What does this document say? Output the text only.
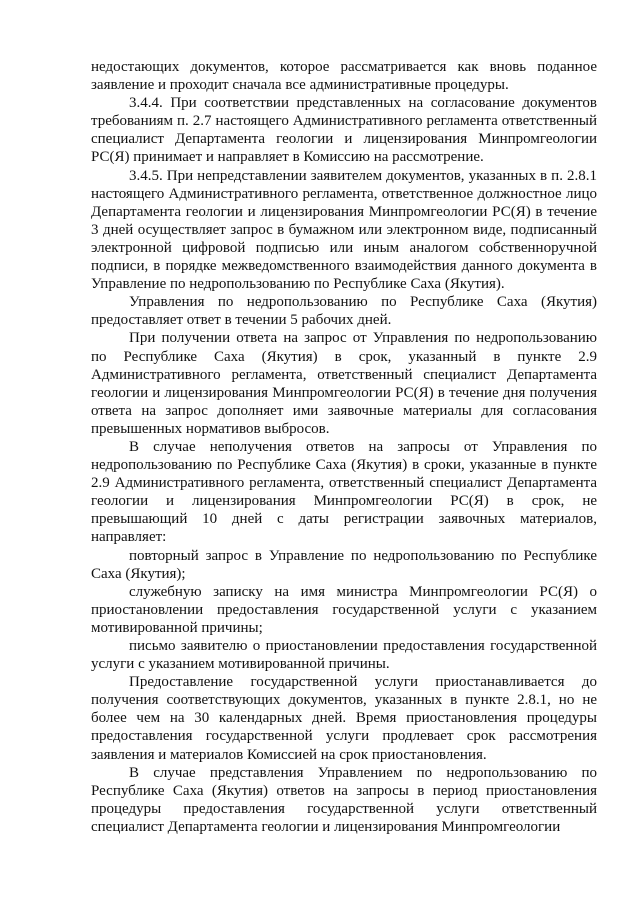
недостающих документов, которое рассматривается как вновь поданное заявление и проходит сначала все административные процедуры.

3.4.4. При соответствии представленных на согласование документов требованиям п. 2.7 настоящего Административного регламента ответственный специалист Департамента геологии и лицензирования Минпромгеологии РС(Я) принимает и направляет в Комиссию на рассмотрение.

3.4.5. При непредставлении заявителем документов, указанных в п. 2.8.1 настоящего Административного регламента, ответственное должностное лицо Департамента геологии и лицензирования Минпромгеологии РС(Я) в течение 3 дней осуществляет запрос в бумажном или электронном виде, подписанный электронной цифровой подписью или иным аналогом собственноручной подписи, в порядке межведомственного взаимодействия данного документа в Управление по недропользованию по Республике Саха (Якутия).

Управления по недропользованию по Республике Саха (Якутия) предоставляет ответ в течении 5 рабочих дней.

При получении ответа на запрос от Управления по недропользованию по Республике Саха (Якутия) в срок, указанный в пункте 2.9 Административного регламента, ответственный специалист Департамента геологии и лицензирования Минпромгеологии РС(Я) в течение дня получения ответа на запрос дополняет ими заявочные материалы для согласования превышенных нормативов выбросов.

В случае неполучения ответов на запросы от Управления по недропользованию по Республике Саха (Якутия) в сроки, указанные в пункте 2.9 Административного регламента, ответственный специалист Департамента геологии и лицензирования Минпромгеологии РС(Я) в срок, не превышающий 10 дней с даты регистрации заявочных материалов, направляет:

повторный запрос в Управление по недропользованию по Республике Саха (Якутия);

служебную записку на имя министра Минпромгеологии РС(Я) о приостановлении предоставления государственной услуги с указанием мотивированной причины;

письмо заявителю о приостановлении предоставления государственной услуги с указанием мотивированной причины.

Предоставление государственной услуги приостанавливается до получения соответствующих документов, указанных в пункте 2.8.1, но не более чем на 30 календарных дней. Время приостановления процедуры предоставления государственной услуги продлевает срок рассмотрения заявления и материалов Комиссией на срок приостановления.

В случае представления Управлением по недропользованию по Республике Саха (Якутия) ответов на запросы в период приостановления процедуры предоставления государственной услуги ответственный специалист Департамента геологии и лицензирования Минпромгеологии
